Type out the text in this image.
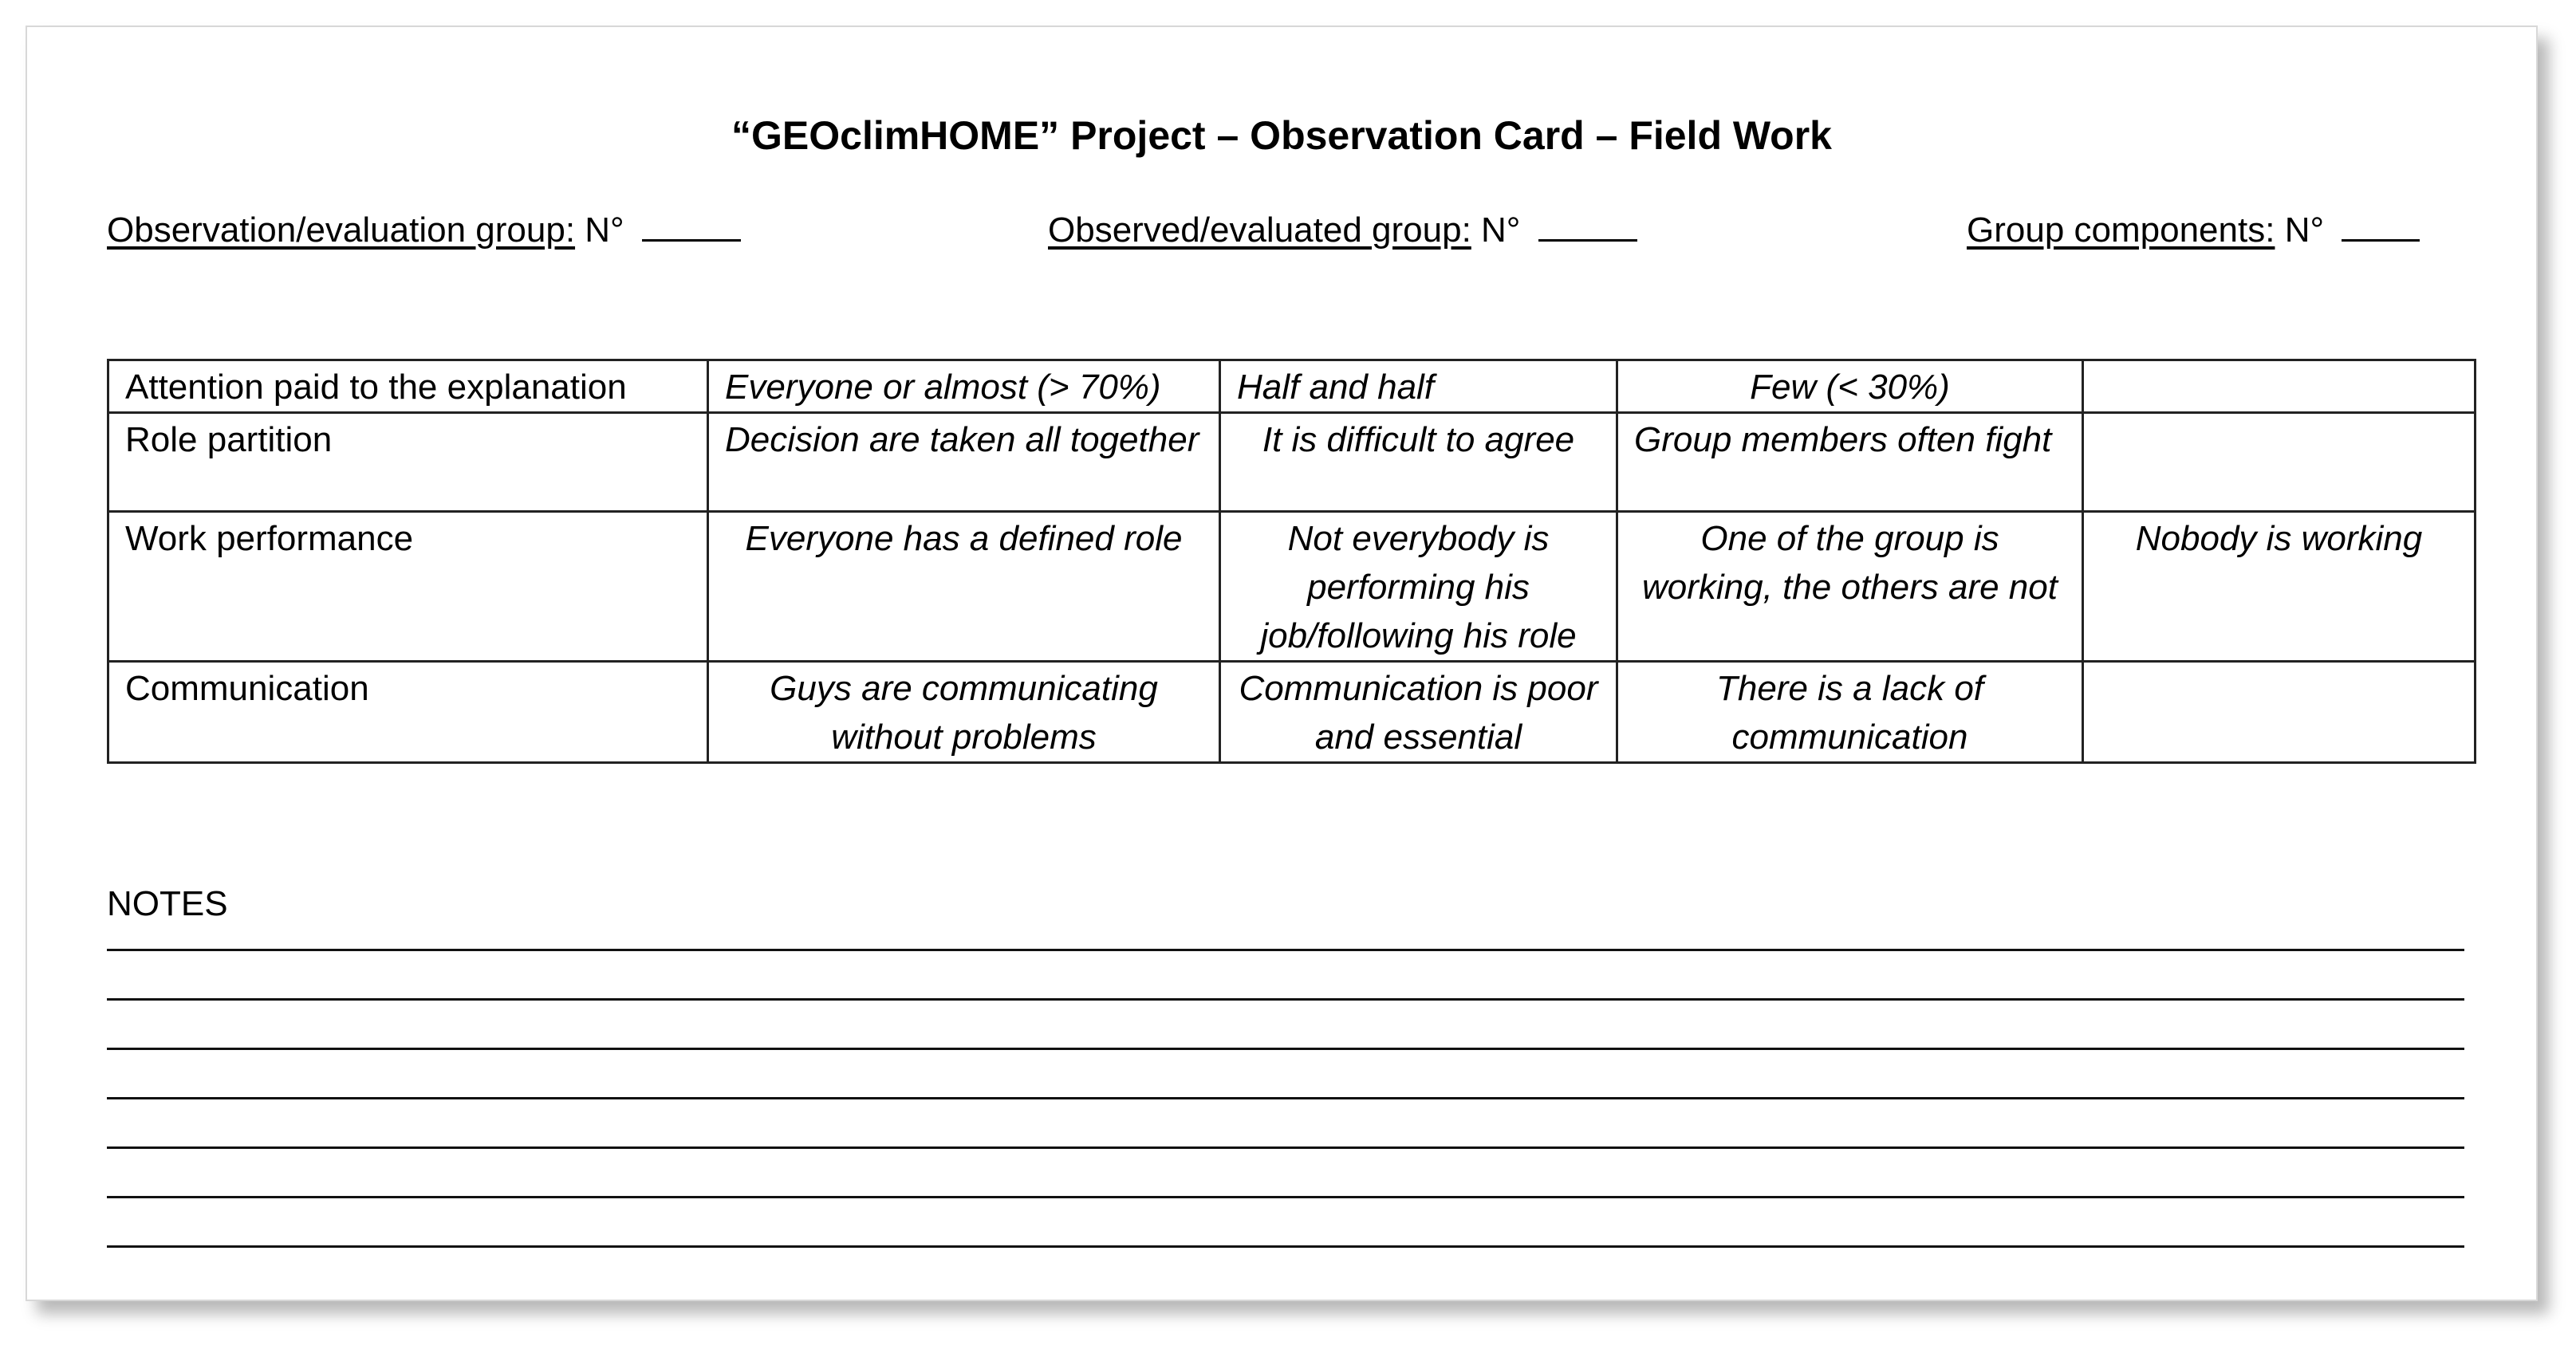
“GEOclimHOME” Project – Observation Card – Field Work
Observation/evaluation group: N°	Observed/evaluated group: N°	Group components: N°
Attention paid to the explanation	Everyone or almost (> 70%)	Half and half	Few (< 30%)	
Role partition	Decision are taken all together	It is difficult to agree	Group members often fight	
Work performance	Everyone has a defined role	Not everybody is performing his job/following his role	One of the group is working, the others are not	Nobody is working
Communication	Guys are communicating without problems	Communication is poor and essential	There is a lack of communication	
NOTES
